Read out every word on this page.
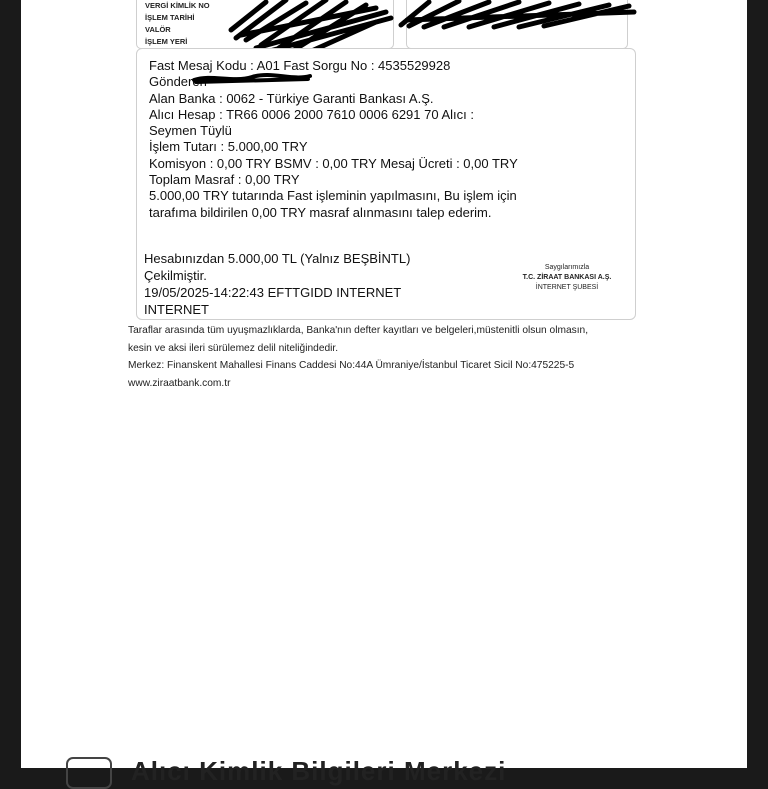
VERGİ KİMLİK NO
İŞLEM TARİHİ
VALÖR
İŞLEM YERİ
Fast Mesaj Kodu : A01 Fast Sorgu No : 4535529928
Gönderen
Alan Banka : 0062 - Türkiye Garanti Bankası A.Ş.
Alıcı Hesap : TR66 0006 2000 7610 0006 6291 70 Alıcı :
Seymen Tüylü
İşlem Tutarı : 5.000,00 TRY
Komisyon : 0,00 TRY BSMV : 0,00 TRY Mesaj Ücreti : 0,00 TRY
Toplam Masraf : 0,00 TRY
5.000,00 TRY tutarında Fast işleminin yapılmasını, Bu işlem için
tarafıma bildirilen 0,00 TRY masraf alınmasını talep ederim.
Hesabınızdan 5.000,00 TL (Yalnız BEŞBİNTL)
Çekilmiştir.
19/05/2025-14:22:43 EFTTGIDD INTERNET
INTERNET
Saygılarımızla
T.C. ZİRAAT BANKASI A.Ş.
İNTERNET ŞUBESİ
Taraflar arasında tüm uyuşmazlıklarda, Banka'nın defter kayıtları ve belgeleri,müstenitli olsun olmasın,
kesin ve aksi ileri sürülemez delil niteliğindedir.
Merkez: Finanskent Mahallesi Finans Caddesi No:44A Ümraniye/İstanbul Ticaret Sicil No:475225-5
www.ziraatbank.com.tr
Alıcı Kimlik Bilgileri Merkezi
